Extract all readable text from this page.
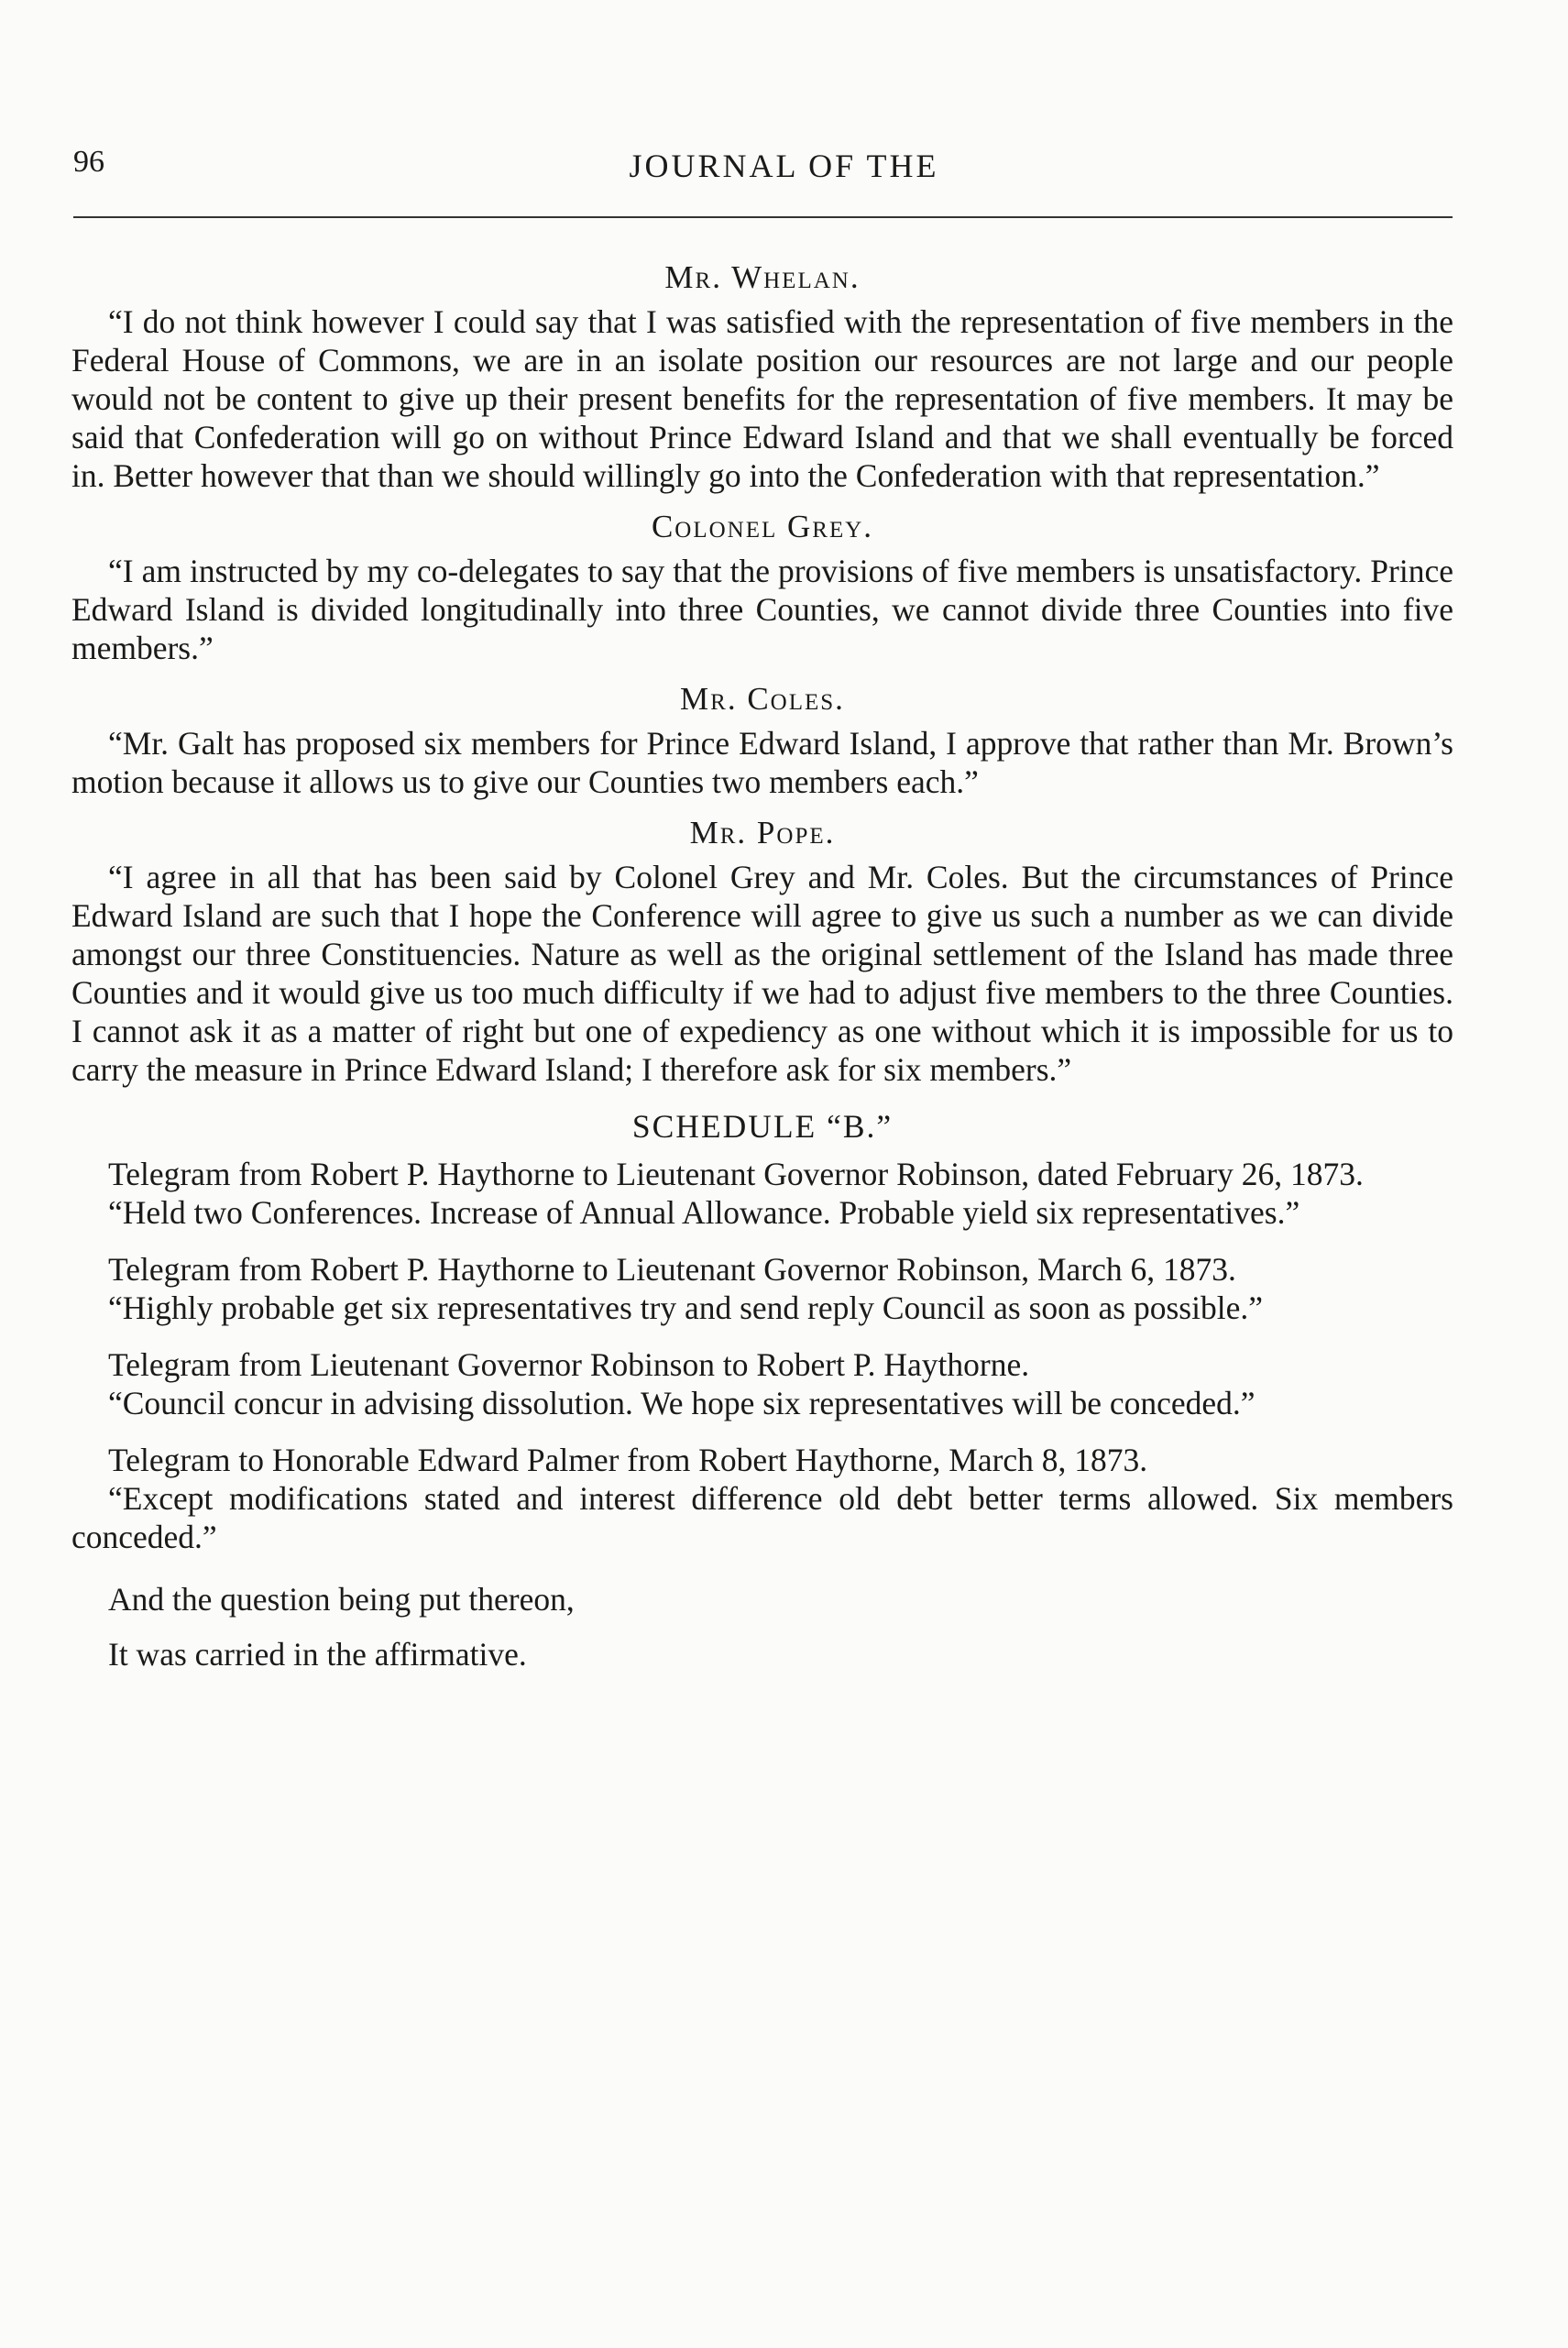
96	JOURNAL OF THE
Mr. Whelan.

“I do not think however I could say that I was satisfied with the representation of five members in the Federal House of Commons, we are in an isolate position our resources are not large and our people would not be content to give up their present benefits for the representation of five members. It may be said that Confederation will go on without Prince Edward Island and that we shall eventually be forced in. Better however that than we should willingly go into the Confederation with that representation.”

Colonel Grey.

“I am instructed by my co-delegates to say that the provisions of five members is unsatisfactory. Prince Edward Island is divided longitudinally into three Counties, we cannot divide three Counties into five members.”

Mr. Coles.

“Mr. Galt has proposed six members for Prince Edward Island, I approve that rather than Mr. Brown’s motion because it allows us to give our Counties two members each.”

Mr. Pope.

“I agree in all that has been said by Colonel Grey and Mr. Coles. But the circumstances of Prince Edward Island are such that I hope the Conference will agree to give us such a number as we can divide amongst our three Constituencies. Nature as well as the original settlement of the Island has made three Counties and it would give us too much difficulty if we had to adjust five members to the three Counties. I cannot ask it as a matter of right but one of expediency as one without which it is impossible for us to carry the measure in Prince Edward Island; I therefore ask for six members.”

SCHEDULE “B.”

Telegram from Robert P. Haythorne to Lieutenant Governor Robinson, dated February 26, 1873.

“Held two Conferences. Increase of Annual Allowance. Probable yield six representatives.”

Telegram from Robert P. Haythorne to Lieutenant Governor Robinson, March 6, 1873.

“Highly probable get six representatives try and send reply Council as soon as possible.”

Telegram from Lieutenant Governor Robinson to Robert P. Haythorne.

“Council concur in advising dissolution. We hope six representatives will be conceded.”

Telegram to Honorable Edward Palmer from Robert Haythorne, March 8, 1873.

“Except modifications stated and interest difference old debt better terms allowed. Six members conceded.”

And the question being put thereon,

It was carried in the affirmative.
